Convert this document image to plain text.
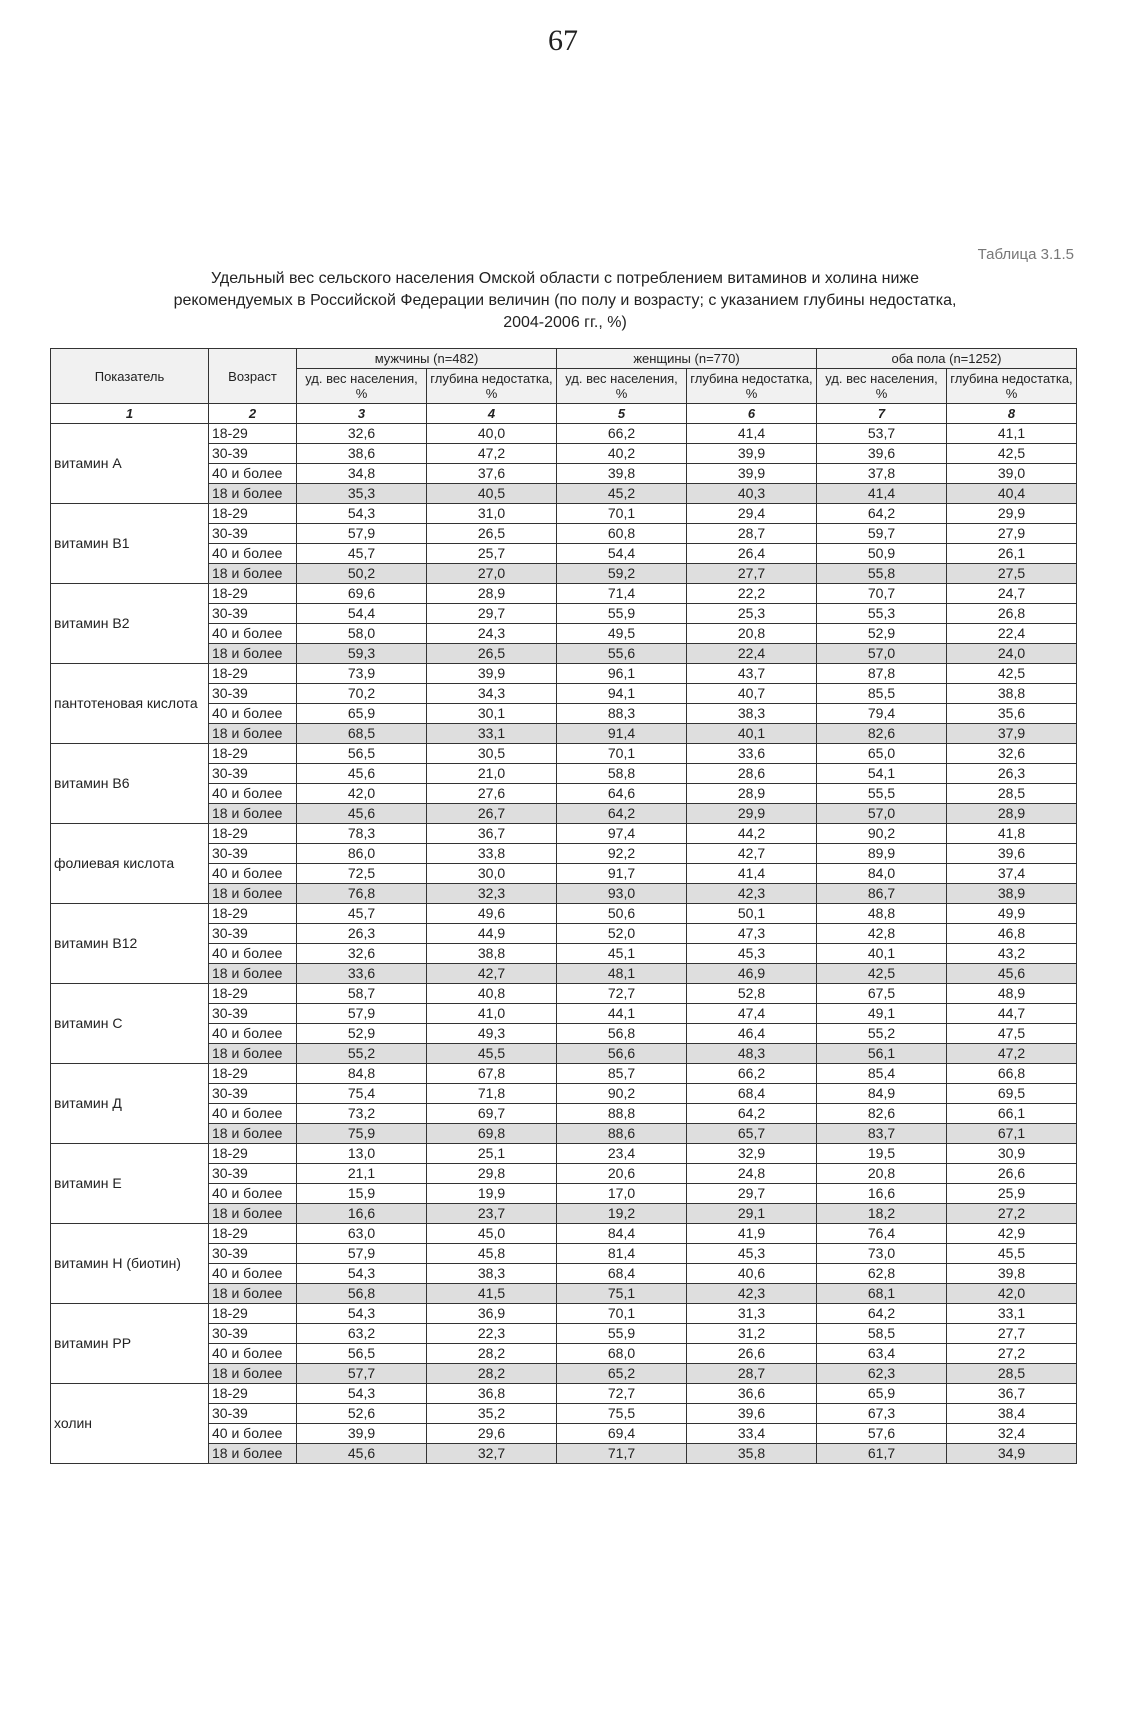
67
Таблица 3.1.5
Удельный вес сельского населения Омской области с потреблением витаминов и холина ниже
рекомендуемых в Российской Федерации величин (по полу и возрасту; с указанием глубины недостатка,
2004-2006 гг., %)
Показатель	Возраст	мужчины (n=482)		женщины (n=770)		оба пола (n=1252)	
		уд. вес населения, %	глубина недостатка, %	уд. вес населения, %	глубина недостатка, %	уд. вес населения, %	глубина недостатка, %
1	2	3	4	5	6	7	8
витамин А	18-29	32,6	40,0	66,2	41,4	53,7	41,1
	30-39	38,6	47,2	40,2	39,9	39,6	42,5
	40 и более	34,8	37,6	39,8	39,9	37,8	39,0
	18 и более	35,3	40,5	45,2	40,3	41,4	40,4
витамин В1	18-29	54,3	31,0	70,1	29,4	64,2	29,9
	30-39	57,9	26,5	60,8	28,7	59,7	27,9
	40 и более	45,7	25,7	54,4	26,4	50,9	26,1
	18 и более	50,2	27,0	59,2	27,7	55,8	27,5
витамин В2	18-29	69,6	28,9	71,4	22,2	70,7	24,7
	30-39	54,4	29,7	55,9	25,3	55,3	26,8
	40 и более	58,0	24,3	49,5	20,8	52,9	22,4
	18 и более	59,3	26,5	55,6	22,4	57,0	24,0
пантотеновая кислота	18-29	73,9	39,9	96,1	43,7	87,8	42,5
	30-39	70,2	34,3	94,1	40,7	85,5	38,8
	40 и более	65,9	30,1	88,3	38,3	79,4	35,6
	18 и более	68,5	33,1	91,4	40,1	82,6	37,9
витамин В6	18-29	56,5	30,5	70,1	33,6	65,0	32,6
	30-39	45,6	21,0	58,8	28,6	54,1	26,3
	40 и более	42,0	27,6	64,6	28,9	55,5	28,5
	18 и более	45,6	26,7	64,2	29,9	57,0	28,9
фолиевая кислота	18-29	78,3	36,7	97,4	44,2	90,2	41,8
	30-39	86,0	33,8	92,2	42,7	89,9	39,6
	40 и более	72,5	30,0	91,7	41,4	84,0	37,4
	18 и более	76,8	32,3	93,0	42,3	86,7	38,9
витамин В12	18-29	45,7	49,6	50,6	50,1	48,8	49,9
	30-39	26,3	44,9	52,0	47,3	42,8	46,8
	40 и более	32,6	38,8	45,1	45,3	40,1	43,2
	18 и более	33,6	42,7	48,1	46,9	42,5	45,6
витамин С	18-29	58,7	40,8	72,7	52,8	67,5	48,9
	30-39	57,9	41,0	44,1	47,4	49,1	44,7
	40 и более	52,9	49,3	56,8	46,4	55,2	47,5
	18 и более	55,2	45,5	56,6	48,3	56,1	47,2
витамин Д	18-29	84,8	67,8	85,7	66,2	85,4	66,8
	30-39	75,4	71,8	90,2	68,4	84,9	69,5
	40 и более	73,2	69,7	88,8	64,2	82,6	66,1
	18 и более	75,9	69,8	88,6	65,7	83,7	67,1
витамин Е	18-29	13,0	25,1	23,4	32,9	19,5	30,9
	30-39	21,1	29,8	20,6	24,8	20,8	26,6
	40 и более	15,9	19,9	17,0	29,7	16,6	25,9
	18 и более	16,6	23,7	19,2	29,1	18,2	27,2
витамин Н (биотин)	18-29	63,0	45,0	84,4	41,9	76,4	42,9
	30-39	57,9	45,8	81,4	45,3	73,0	45,5
	40 и более	54,3	38,3	68,4	40,6	62,8	39,8
	18 и более	56,8	41,5	75,1	42,3	68,1	42,0
витамин РР	18-29	54,3	36,9	70,1	31,3	64,2	33,1
	30-39	63,2	22,3	55,9	31,2	58,5	27,7
	40 и более	56,5	28,2	68,0	26,6	63,4	27,2
	18 и более	57,7	28,2	65,2	28,7	62,3	28,5
холин	18-29	54,3	36,8	72,7	36,6	65,9	36,7
	30-39	52,6	35,2	75,5	39,6	67,3	38,4
	40 и более	39,9	29,6	69,4	33,4	57,6	32,4
	18 и более	45,6	32,7	71,7	35,8	61,7	34,9
